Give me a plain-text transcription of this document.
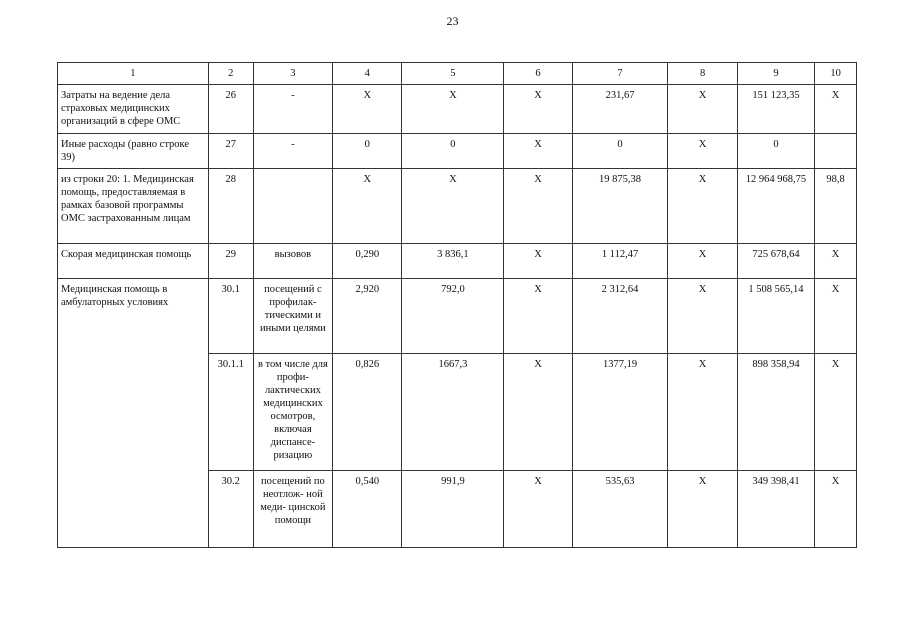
23
1	2	3	4	5	6	7	8	9	10
Затраты на ведение дела страховых медицинских организаций в сфере ОМС	26	-	X	X	X	231,67	X	151 123,35	X
Иные расходы (равно строке 39)	27	-	0	0	X	0	X	0	
из строки 20: 1. Медицинская помощь, предоставляемая в рамках базовой программы ОМС застрахованным лицам	28		X	X	X	19 875,38	X	12 964 968,75	98,8
Скорая медицинская помощь	29	вызовов	0,290	3 836,1	X	1 112,47	X	725 678,64	X
Медицинская помощь в амбулаторных условиях	30.1	посещений с профилак- тическими и иными целями	2,920	792,0	X	2 312,64	X	1 508 565,14	X
	30.1.1	в том числе для профи- лактических медицинских осмотров, включая диспансе- ризацию	0,826	1667,3	X	1377,19	X	898 358,94	X
	30.2	посещений по неотлож- ной меди- цинской помощи	0,540	991,9	X	535,63	X	349 398,41	X
